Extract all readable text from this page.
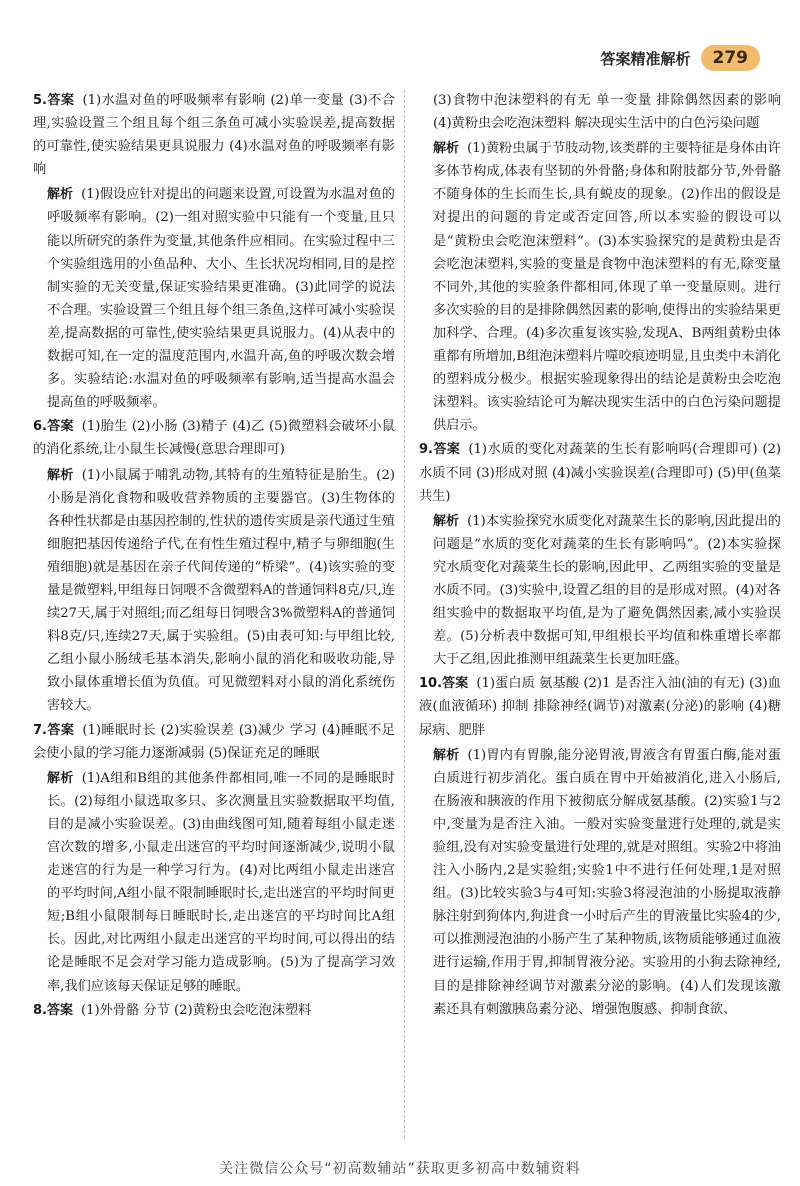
答案精准解析	279
5.答案 (1)水温对鱼的呼吸频率有影响 (2)单一变量 (3)不合理,实验设置三个组且每个组三条鱼可减小实验误差,提高数据的可靠性,使实验结果更具说服力 (4)水温对鱼的呼吸频率有影响
解析 (1)假设应针对提出的问题来设置,可设置为水温对鱼的呼吸频率有影响。(2)一组对照实验中只能有一个变量,且只能以所研究的条件为变量,其他条件应相同。在实验过程中三个实验组选用的小鱼品种、大小、生长状况均相同,目的是控制实验的无关变量,保证实验结果更准确。(3)此同学的说法不合理。实验设置三个组且每个组三条鱼,这样可减小实验误差,提高数据的可靠性,使实验结果更具说服力。(4)从表中的数据可知,在一定的温度范围内,水温升高,鱼的呼吸次数会增多。实验结论:水温对鱼的呼吸频率有影响,适当提高水温会提高鱼的呼吸频率。
6.答案 (1)胎生 (2)小肠 (3)精子 (4)乙 (5)微塑料会破坏小鼠的消化系统,让小鼠生长减慢(意思合理即可)
解析 (1)小鼠属于哺乳动物,其特有的生殖特征是胎生。(2)小肠是消化食物和吸收营养物质的主要器官。(3)生物体的各种性状都是由基因控制的,性状的遗传实质是亲代通过生殖细胞把基因传递给子代,在有性生殖过程中,精子与卵细胞(生殖细胞)就是基因在亲子代间传递的“桥梁”。(4)该实验的变量是微塑料,甲组每日饲喂不含微塑料A的普通饲料8克/只,连续27天,属于对照组;而乙组每日饲喂含3%微塑料A的普通饲料8克/只,连续27天,属于实验组。(5)由表可知:与甲组比较,乙组小鼠小肠绒毛基本消失,影响小鼠的消化和吸收功能,导致小鼠体重增长值为负值。可见微塑料对小鼠的消化系统伤害较大。
7.答案 (1)睡眠时长 (2)实验误差 (3)减少 学习 (4)睡眠不足会使小鼠的学习能力逐渐减弱 (5)保证充足的睡眠
解析 (1)A组和B组的其他条件都相同,唯一不同的是睡眠时长。(2)每组小鼠选取多只、多次测量且实验数据取平均值,目的是减小实验误差。(3)由曲线图可知,随着每组小鼠走迷宫次数的增多,小鼠走出迷宫的平均时间逐渐减少,说明小鼠走迷宫的行为是一种学习行为。(4)对比两组小鼠走出迷宫的平均时间,A组小鼠不限制睡眠时长,走出迷宫的平均时间更短;B组小鼠限制每日睡眠时长,走出迷宫的平均时间比A组长。因此,对比两组小鼠走出迷宫的平均时间,可以得出的结论是睡眠不足会对学习能力造成影响。(5)为了提高学习效率,我们应该每天保证足够的睡眠。
8.答案 (1)外骨骼 分节 (2)黄粉虫会吃泡沫塑料
(3)食物中泡沫塑料的有无 单一变量 排除偶然因素的影响 (4)黄粉虫会吃泡沫塑料 解决现实生活中的白色污染问题
解析 (1)黄粉虫属于节肢动物,该类群的主要特征是身体由许多体节构成,体表有坚韧的外骨骼;身体和附肢都分节,外骨骼不随身体的生长而生长,具有蜕皮的现象。(2)作出的假设是对提出的问题的肯定或否定回答,所以本实验的假设可以是“黄粉虫会吃泡沫塑料”。(3)本实验探究的是黄粉虫是否会吃泡沫塑料,实验的变量是食物中泡沫塑料的有无,除变量不同外,其他的实验条件都相同,体现了单一变量原则。进行多次实验的目的是排除偶然因素的影响,使得出的实验结果更加科学、合理。(4)多次重复该实验,发现A、B两组黄粉虫体重都有所增加,B组泡沫塑料片噬咬痕迹明显,且虫类中未消化的塑料成分极少。根据实验现象得出的结论是黄粉虫会吃泡沫塑料。该实验结论可为解决现实生活中的白色污染问题提供启示。
9.答案 (1)水质的变化对蔬菜的生长有影响吗(合理即可) (2)水质不同 (3)形成对照 (4)减小实验误差(合理即可) (5)甲(鱼菜共生)
解析 (1)本实验探究水质变化对蔬菜生长的影响,因此提出的问题是“水质的变化对蔬菜的生长有影响吗”。(2)本实验探究水质变化对蔬菜生长的影响,因此甲、乙两组实验的变量是水质不同。(3)实验中,设置乙组的目的是形成对照。(4)对各组实验中的数据取平均值,是为了避免偶然因素,减小实验误差。(5)分析表中数据可知,甲组根长平均值和株重增长率都大于乙组,因此推测甲组蔬菜生长更加旺盛。
10.答案 (1)蛋白质 氨基酸 (2)1 是否注入油(油的有无) (3)血液(血液循环) 抑制 排除神经(调节)对激素(分泌)的影响 (4)糖尿病、肥胖
解析 (1)胃内有胃腺,能分泌胃液,胃液含有胃蛋白酶,能对蛋白质进行初步消化。蛋白质在胃中开始被消化,进入小肠后,在肠液和胰液的作用下被彻底分解成氨基酸。(2)实验1与2中,变量为是否注入油。一般对实验变量进行处理的,就是实验组,没有对实验变量进行处理的,就是对照组。实验2中将油注入小肠内,2是实验组;实验1中不进行任何处理,1是对照组。(3)比较实验3与4可知:实验3将浸泡油的小肠提取液静脉注射到狗体内,狗进食一小时后产生的胃液量比实验4的少,可以推测浸泡油的小肠产生了某种物质,该物质能够通过血液进行运输,作用于胃,抑制胃液分泌。实验用的小狗去除神经,目的是排除神经调节对激素分泌的影响。(4)人们发现该激素还具有刺激胰岛素分泌、增强饱腹感、抑制食欲、
关注微信公众号“初高数辅站”获取更多初高中数辅资料
